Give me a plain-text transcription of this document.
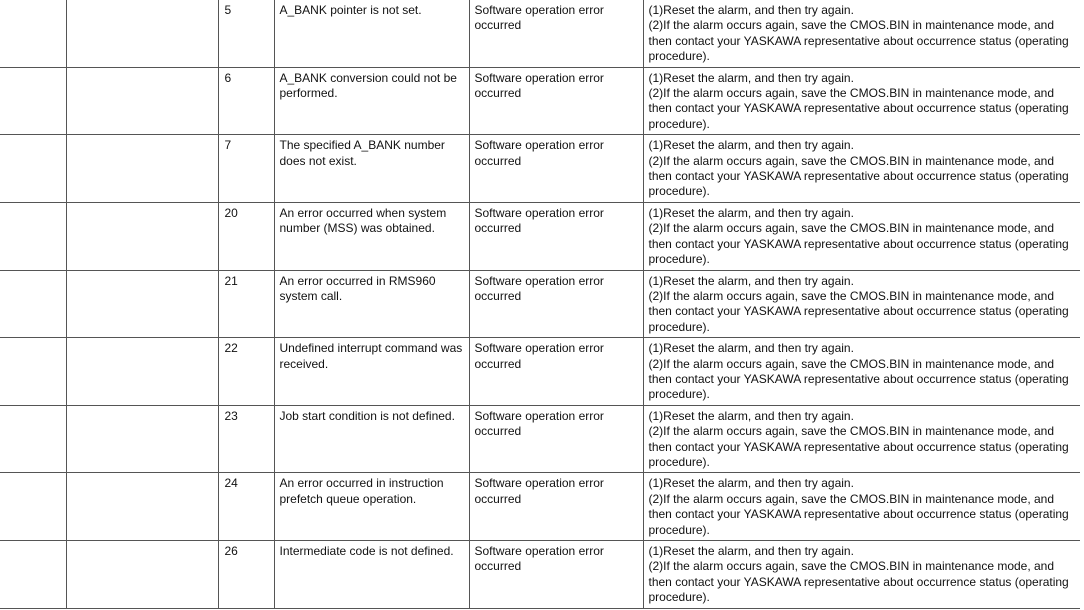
		5	A_BANK pointer is not set.	Software operation error occurred	(1)Reset the alarm, and then try again.
(2)If the alarm occurs again, save the CMOS.BIN in maintenance mode, and then contact your YASKAWA representative about occurrence status (operating procedure).

		6	A_BANK conversion could not be performed.	Software operation error occurred	(1)Reset the alarm, and then try again.
(2)If the alarm occurs again, save the CMOS.BIN in maintenance mode, and then contact your YASKAWA representative about occurrence status (operating procedure).

		7	The specified A_BANK number does not exist.	Software operation error occurred	(1)Reset the alarm, and then try again.
(2)If the alarm occurs again, save the CMOS.BIN in maintenance mode, and then contact your YASKAWA representative about occurrence status (operating procedure).

		20	An error occurred when system number (MSS) was obtained.	Software operation error occurred	(1)Reset the alarm, and then try again.
(2)If the alarm occurs again, save the CMOS.BIN in maintenance mode, and then contact your YASKAWA representative about occurrence status (operating procedure).

		21	An error occurred in RMS960 system call.	Software operation error occurred	(1)Reset the alarm, and then try again.
(2)If the alarm occurs again, save the CMOS.BIN in maintenance mode, and then contact your YASKAWA representative about occurrence status (operating procedure).

		22	Undefined interrupt command was received.	Software operation error occurred	(1)Reset the alarm, and then try again.
(2)If the alarm occurs again, save the CMOS.BIN in maintenance mode, and then contact your YASKAWA representative about occurrence status (operating procedure).

		23	Job start condition is not defined.	Software operation error occurred	(1)Reset the alarm, and then try again.
(2)If the alarm occurs again, save the CMOS.BIN in maintenance mode, and then contact your YASKAWA representative about occurrence status (operating procedure).

		24	An error occurred in instruction prefetch queue operation.	Software operation error occurred	(1)Reset the alarm, and then try again.
(2)If the alarm occurs again, save the CMOS.BIN in maintenance mode, and then contact your YASKAWA representative about occurrence status (operating procedure).

		26	Intermediate code is not defined.	Software operation error occurred	(1)Reset the alarm, and then try again.
(2)If the alarm occurs again, save the CMOS.BIN in maintenance mode, and then contact your YASKAWA representative about occurrence status (operating procedure).
